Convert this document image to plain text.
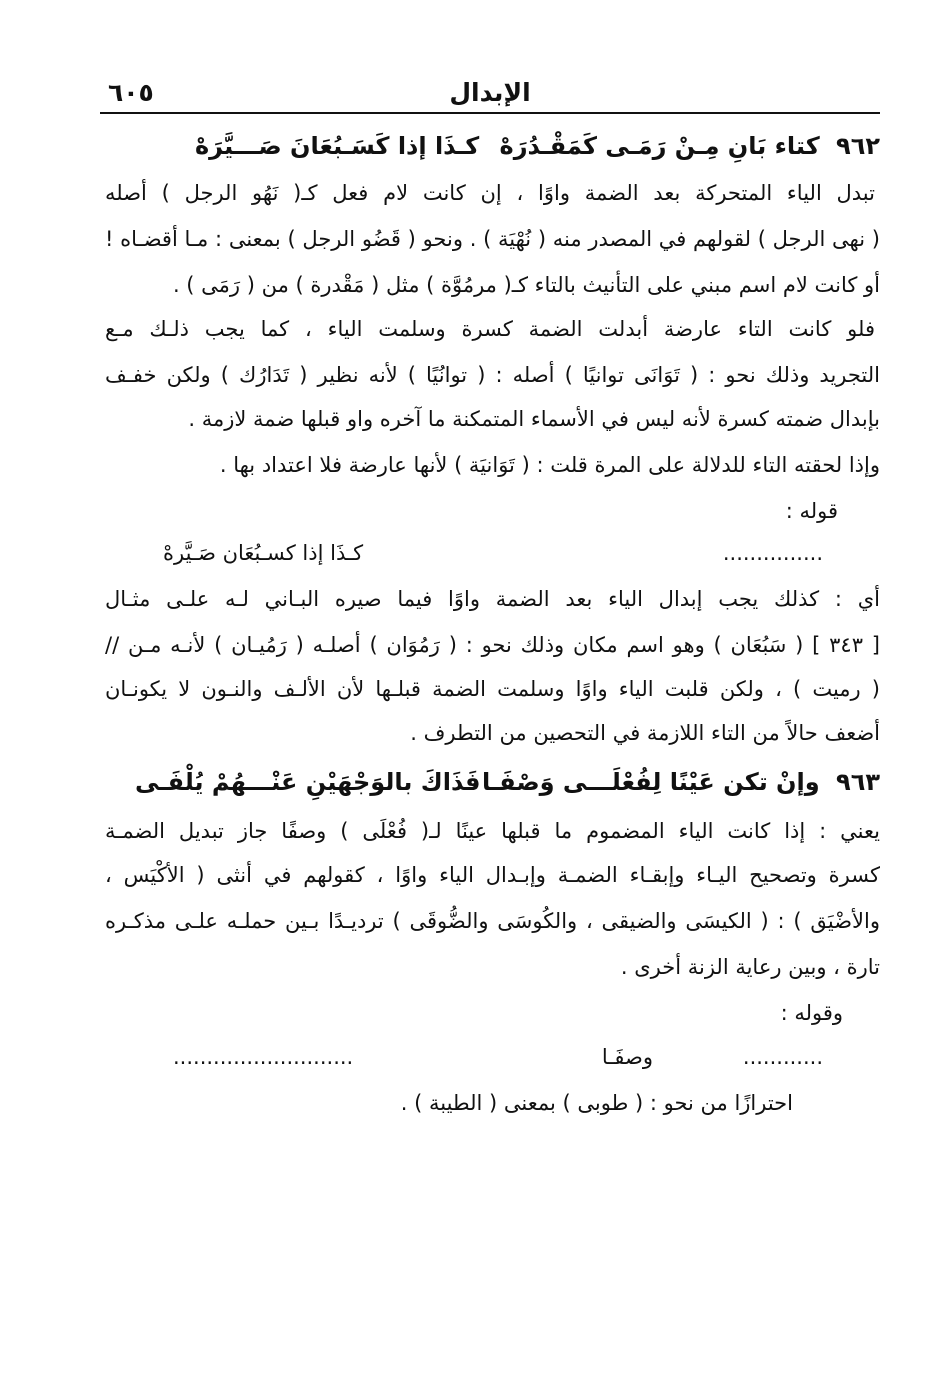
الإبدال
٦٠٥
٩٦٢ كتاء بَانِ مِـنْ رَمَـى كَمَقْـدُرَهْ
كـذَا إذا كَسَـبُعَانَ صَـــيَّرَهْ
تبدل الياء المتحركة بعد الضمة واوًا ، إن كانت لام فعل كـ( نَهُو الرجل ) أصله
( نهى الرجل ) لقولهم في المصدر منه ( نُهْيَة ) . ونحو ( قَضُو الرجل ) بمعنى : مـا أقضـاه !
أو كانت لام اسم مبني على التأنيث بالتاء كـ( مرمُوَّة ) مثل ( مَقْدرة ) من ( رَمَى ) .
فلو كانت التاء عارضة أبدلت الضمة كسرة وسلمت الياء ، كما يجب ذلـك مـع
التجريد وذلك نحو : ( تَوَانَى توانيًا ) أصله : ( توانُيًا ) لأنه نظير ( تَدَارُك ) ولكن خفـف
بإبدال ضمته كسرة لأنه ليس في الأسماء المتمكنة ما آخره واو قبلها ضمة لازمة .
وإذا لحقته التاء للدلالة على المرة قلت : ( تَوَانيَة ) لأنها عارضة فلا اعتداد بها .
قوله :
...............
كـذَا إذا كسـبُعَان صَـيَّرهْ
أي : كذلك يجب إبدال الياء بعد الضمة واوًا فيما صيره البـاني لـه علـى مثـال
[ ٣٤٣ ] ( سَبُعَان ) وهو اسم مكان وذلك نحو : ( رَمُوَان ) أصلـه ( رَمُيـان ) لأنـه مـن //
( رميت ) ، ولكن قلبت الياء واوًا وسلمت الضمة قبلـها لأن الألـف والنـون لا يكونـان
أضعف حالاً من التاء اللازمة في التحصين من التطرف .
٩٦٣ وإنْ تكن عَيْنًا لِفُعْلَـــى وَصْفَـا
فَذَاكَ بالوَجْهَيْنِ عَنْـــهُمْ يُلْفَـى
يعني : إذا كانت الياء المضموم ما قبلها عينًا لـ( فُعْلَى ) وصفًا جاز تبديل الضمـة
كسرة وتصحيح اليـاء وإبقـاء الضمـة وإبـدال الياء واوًا ، كقولهم في أنثى ( الأكْيَس ،
والأضْيَق ) : ( الكيسَى والضيقى ، والكُوسَى والضُّوقَى ) ترديـدًا بـين حملـه علـى مذكـره
تارة ، وبين رعاية الزنة أخرى .
وقوله :
............
وصفَـا
...........................
احترازًا من نحو : ( طوبى ) بمعنى ( الطيبة ) .
